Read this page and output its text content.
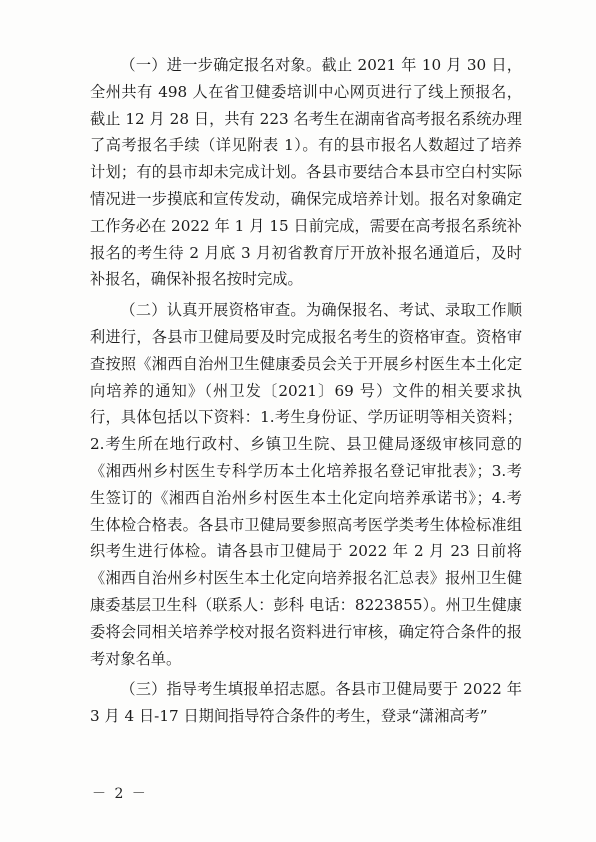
（一）进一步确定报名对象。截止 2021 年 10 月 30 日，全州共有 498 人在省卫健委培训中心网页进行了线上预报名，截止 12 月 28 日，共有 223 名考生在湖南省高考报名系统办理了高考报名手续（详见附表 1）。有的县市报名人数超过了培养计划；有的县市却未完成计划。各县市要结合本县市空白村实际情况进一步摸底和宣传发动，确保完成培养计划。报名对象确定工作务必在 2022 年 1 月 15 日前完成，需要在高考报名系统补报名的考生待 2 月底 3 月初省教育厅开放补报名通道后，及时补报名，确保补报名按时完成。

（二）认真开展资格审查。为确保报名、考试、录取工作顺利进行，各县市卫健局要及时完成报名考生的资格审查。资格审查按照《湘西自治州卫生健康委员会关于开展乡村医生本土化定向培养的通知》（州卫发〔2021〕69 号）文件的相关要求执行，具体包括以下资料：1.考生身份证、学历证明等相关资料；2.考生所在地行政村、乡镇卫生院、县卫健局逐级审核同意的《湘西州乡村医生专科学历本土化培养报名登记审批表》；3.考生签订的《湘西自治州乡村医生本土化定向培养承诺书》；4.考生体检合格表。各县市卫健局要参照高考医学类考生体检标准组织考生进行体检。请各县市卫健局于 2022 年 2 月 23 日前将《湘西自治州乡村医生本土化定向培养报名汇总表》报州卫生健康委基层卫生科（联系人：彭科 电话：8223855）。州卫生健康委将会同相关培养学校对报名资料进行审核，确定符合条件的报考对象名单。

（三）指导考生填报单招志愿。各县市卫健局要于 2022 年 3 月 4 日-17 日期间指导符合条件的考生，登录“潇湘高考”

－ 2 －
